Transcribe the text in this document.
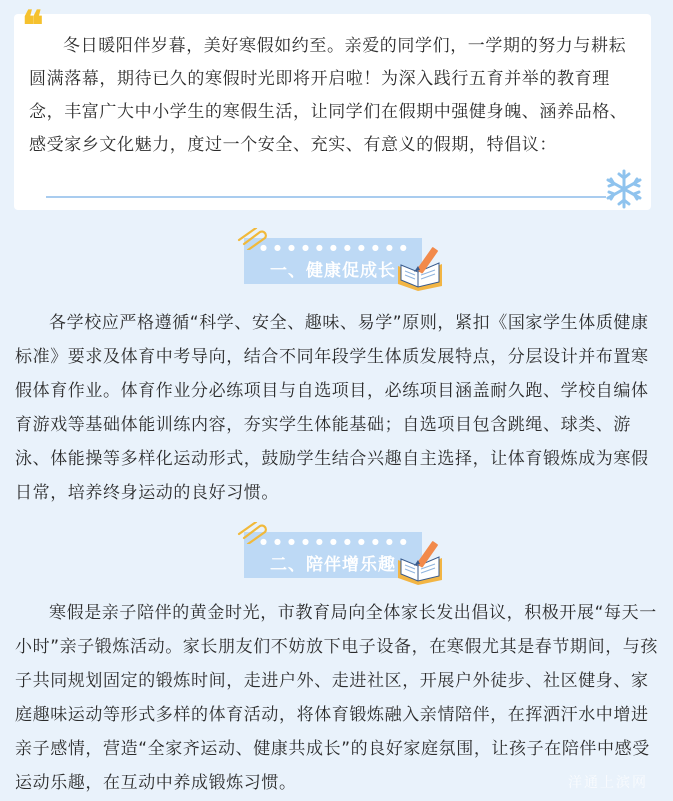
❝	冬日暖阳伴岁暮，美好寒假如约至。亲爱的同学们，一学期的努力与耕耘圆满落幕，期待已久的寒假时光即将开启啦！为深入践行五育并举的教育理念，丰富广大中小学生的寒假生活，让同学们在假期中强健身魄、涵养品格、感受家乡文化魅力，度过一个安全、充实、有意义的假期，特倡议：

●●●●●●●●●●●
一、健康促成长

各学校应严格遵循“科学、安全、趣味、易学”原则，紧扣《国家学生体质健康标准》要求及体育中考导向，结合不同年段学生体质发展特点，分层设计并布置寒假体育作业。体育作业分必练项目与自选项目，必练项目涵盖耐久跑、学校自编体育游戏等基础体能训练内容，夯实学生体能基础；自选项目包含跳绳、球类、游泳、体能操等多样化运动形式，鼓励学生结合兴趣自主选择，让体育锻炼成为寒假日常，培养终身运动的良好习惯。

●●●●●●●●●●●
二、陪伴增乐趣

寒假是亲子陪伴的黄金时光，市教育局向全体家长发出倡议，积极开展“每天一小时”亲子锻炼活动。家长朋友们不妨放下电子设备，在寒假尤其是春节期间，与孩子共同规划固定的锻炼时间，走进户外、走进社区，开展户外徒步、社区健身、家庭趣味运动等形式多样的体育活动，将体育锻炼融入亲情陪伴，在挥洒汗水中增进亲子感情，营造“全家齐运动、健康共成长”的良好家庭氛围，让孩子在陪伴中感受运动乐趣，在互动中养成锻炼习惯。	洋通上滨网
